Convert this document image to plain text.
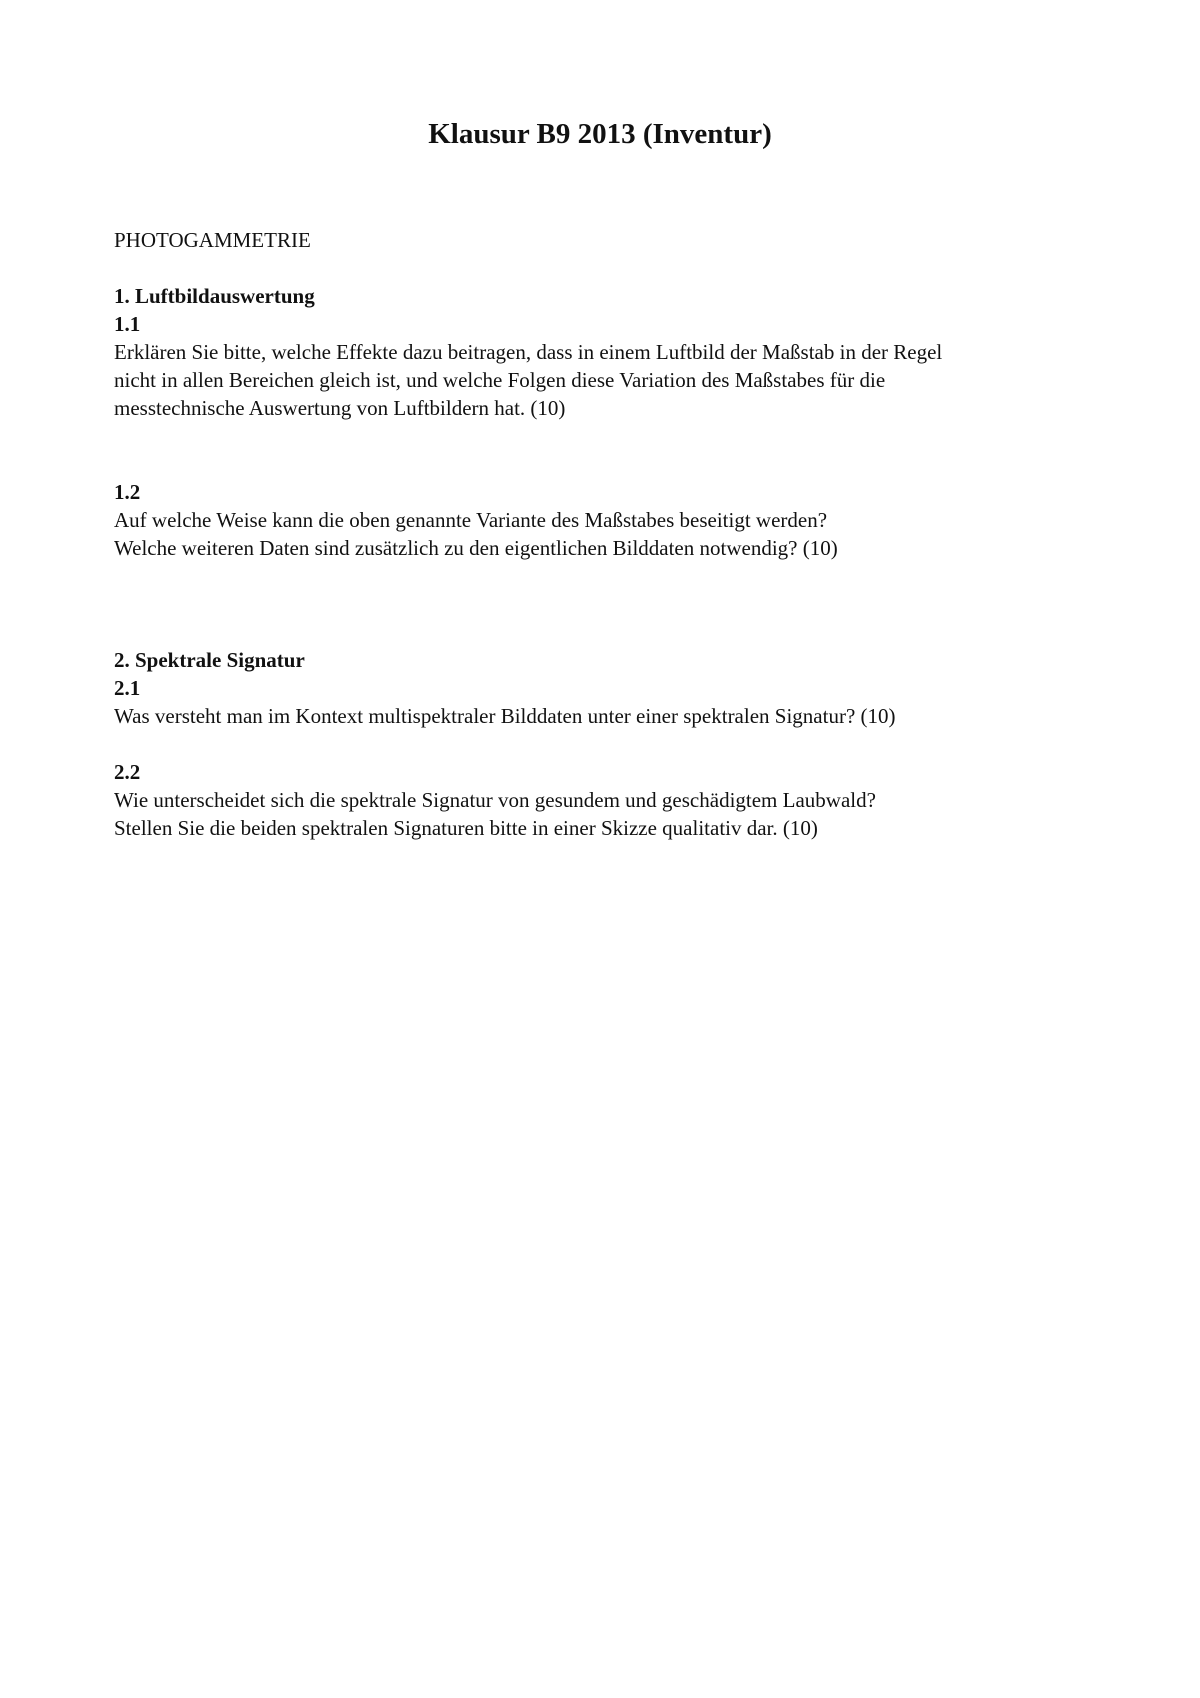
Klausur B9 2013 (Inventur)
PHOTOGAMMETRIE
1. Luftbildauswertung
1.1
Erklären Sie bitte, welche Effekte dazu beitragen, dass in einem Luftbild der Maßstab in der Regel
nicht in allen Bereichen gleich ist, und welche Folgen diese Variation des Maßstabes für die
messtechnische Auswertung von Luftbildern hat. (10)
1.2
Auf welche Weise kann die oben genannte Variante des Maßstabes beseitigt werden?
Welche weiteren Daten sind zusätzlich zu den eigentlichen Bilddaten notwendig? (10)
2. Spektrale Signatur
2.1
Was versteht man im Kontext multispektraler Bilddaten unter einer spektralen Signatur? (10)
2.2
Wie unterscheidet sich die spektrale Signatur von gesundem und geschädigtem Laubwald?
Stellen Sie die beiden spektralen Signaturen bitte in einer Skizze qualitativ dar. (10)
